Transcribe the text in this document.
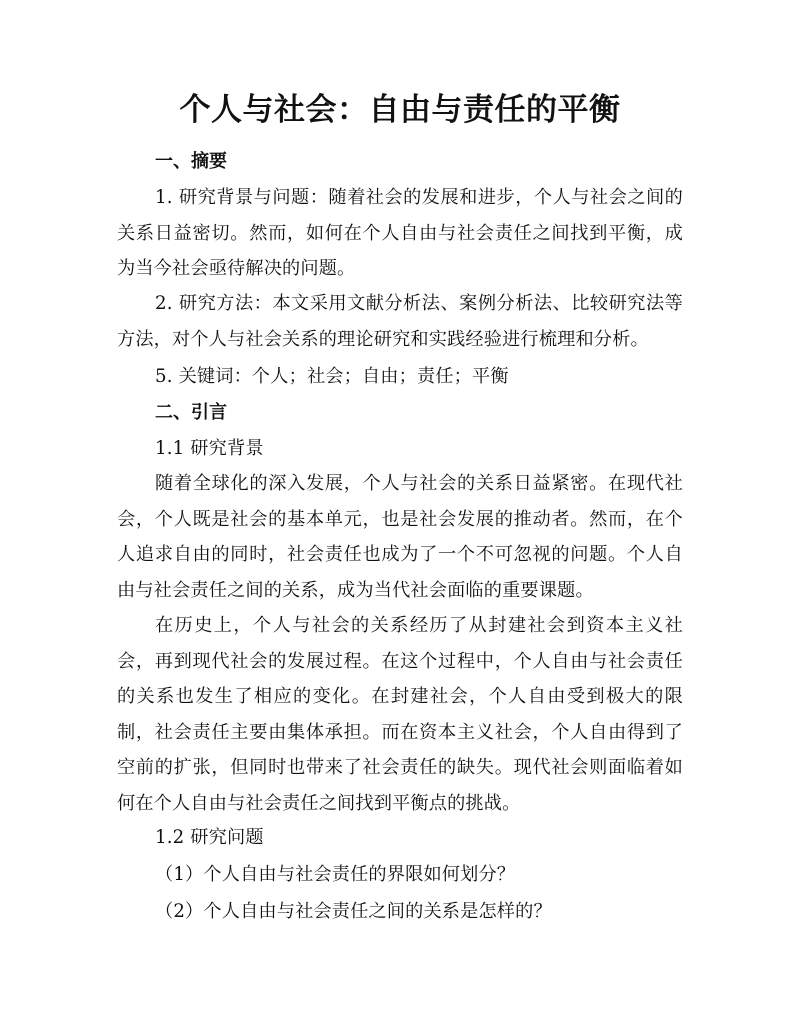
个人与社会：自由与责任的平衡
一、摘要
1. 研究背景与问题：随着社会的发展和进步，个人与社会之间的关系日益密切。然而，如何在个人自由与社会责任之间找到平衡，成为当今社会亟待解决的问题。
2. 研究方法：本文采用文献分析法、案例分析法、比较研究法等方法，对个人与社会关系的理论研究和实践经验进行梳理和分析。
5. 关键词：个人；社会；自由；责任；平衡
二、引言
1.1 研究背景
随着全球化的深入发展，个人与社会的关系日益紧密。在现代社会，个人既是社会的基本单元，也是社会发展的推动者。然而，在个人追求自由的同时，社会责任也成为了一个不可忽视的问题。个人自由与社会责任之间的关系，成为当代社会面临的重要课题。
在历史上，个人与社会的关系经历了从封建社会到资本主义社会，再到现代社会的发展过程。在这个过程中，个人自由与社会责任的关系也发生了相应的变化。在封建社会，个人自由受到极大的限制，社会责任主要由集体承担。而在资本主义社会，个人自由得到了空前的扩张，但同时也带来了社会责任的缺失。现代社会则面临着如何在个人自由与社会责任之间找到平衡点的挑战。
1.2 研究问题
（1）个人自由与社会责任的界限如何划分？
（2）个人自由与社会责任之间的关系是怎样的？
